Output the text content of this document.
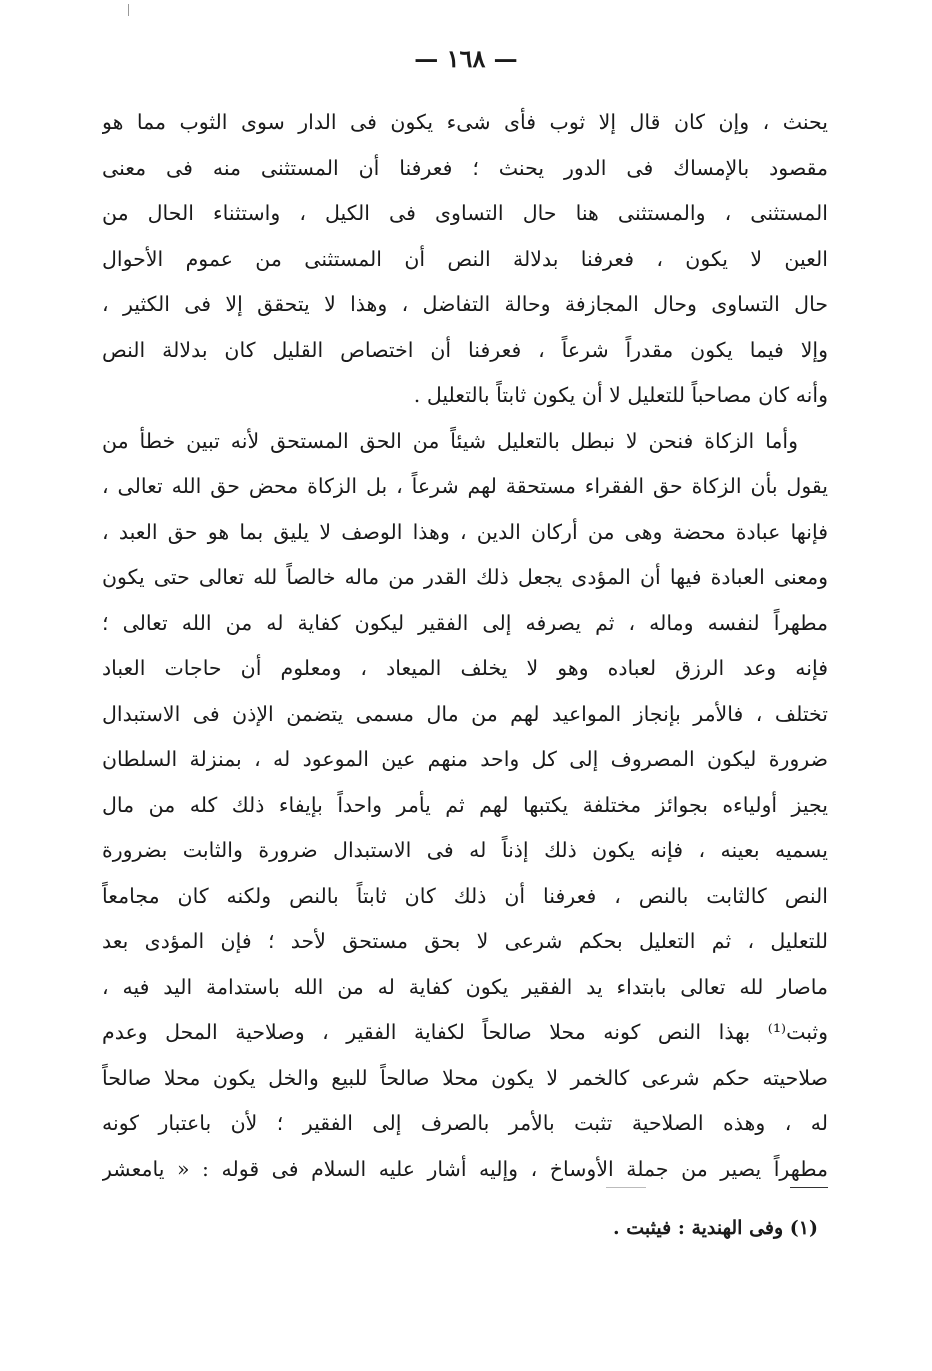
— ١٦٨ —
يحنث ، وإن كان قال إلا ثوب فأى شىء يكون فى الدار سوى الثوب مما هو
مقصود بالإمساك فى الدور يحنث ؛ فعرفنا أن المستثنى منه فى معنى
المستثنى ، والمستثنى هنا حال التساوى فى الكيل ، واستثناء الحال من
العين لا يكون ، فعرفنا بدلالة النص أن المستثنى من عموم الأحوال
حال التساوى وحال المجازفة وحالة التفاضل ، وهذا لا يتحقق إلا فى الكثير ،
وإلا فيما يكون مقدراً شرعاً ، فعرفنا أن اختصاص القليل كان بدلالة النص
وأنه كان مصاحباً للتعليل لا أن يكون ثابتاً بالتعليل .
وأما الزكاة فنحن لا نبطل بالتعليل شيئاً من الحق المستحق لأنه تبين خطأ من
يقول بأن الزكاة حق الفقراء مستحقة لهم شرعاً ، بل الزكاة محض حق الله تعالى ،
فإنها عبادة محضة وهى من أركان الدين ، وهذا الوصف لا يليق بما هو حق العبد ،
ومعنى العبادة فيها أن المؤدى يجعل ذلك القدر من ماله خالصاً لله تعالى حتى يكون
مطهراً لنفسه وماله ، ثم يصرفه إلى الفقير ليكون كفاية له من الله تعالى ؛
فإنه وعد الرزق لعباده وهو لا يخلف الميعاد ، ومعلوم أن حاجات العباد
تختلف ، فالأمر بإنجاز المواعيد لهم من مال مسمى يتضمن الإذن فى الاستبدال
ضرورة ليكون المصروف إلى كل واحد منهم عين الموعود له ، بمنزلة السلطان
يجيز أولياءه بجوائز مختلفة يكتبها لهم ثم يأمر واحداً بإيفاء ذلك كله من مال
يسميه بعينه ، فإنه يكون ذلك إذناً له فى الاستبدال ضرورة والثابت بضرورة
النص كالثابت بالنص ، فعرفنا أن ذلك كان ثابتاً بالنص ولكنه كان مجامعاً
للتعليل ، ثم التعليل بحكم شرعى لا بحق مستحق لأحد ؛ فإن المؤدى بعد
ماصار لله تعالى بابتداء يد الفقير يكون كفاية له من الله باستدامة اليد فيه ،
وثبت⁽¹⁾ بهذا النص كونه محلا صالحاً لكفاية الفقير ، وصلاحية المحل وعدم
صلاحيته حكم شرعى كالخمر لا يكون محلا صالحاً للبيع والخل يكون محلا صالحاً
له ، وهذه الصلاحية تثبت بالأمر بالصرف إلى الفقير ؛ لأن باعتبار كونه
مطهراً يصير من جملة الأوساخ ، وإليه أشار عليه السلام فى قوله : « يامعشر
(١) وفى الهندية : فيثبت .
